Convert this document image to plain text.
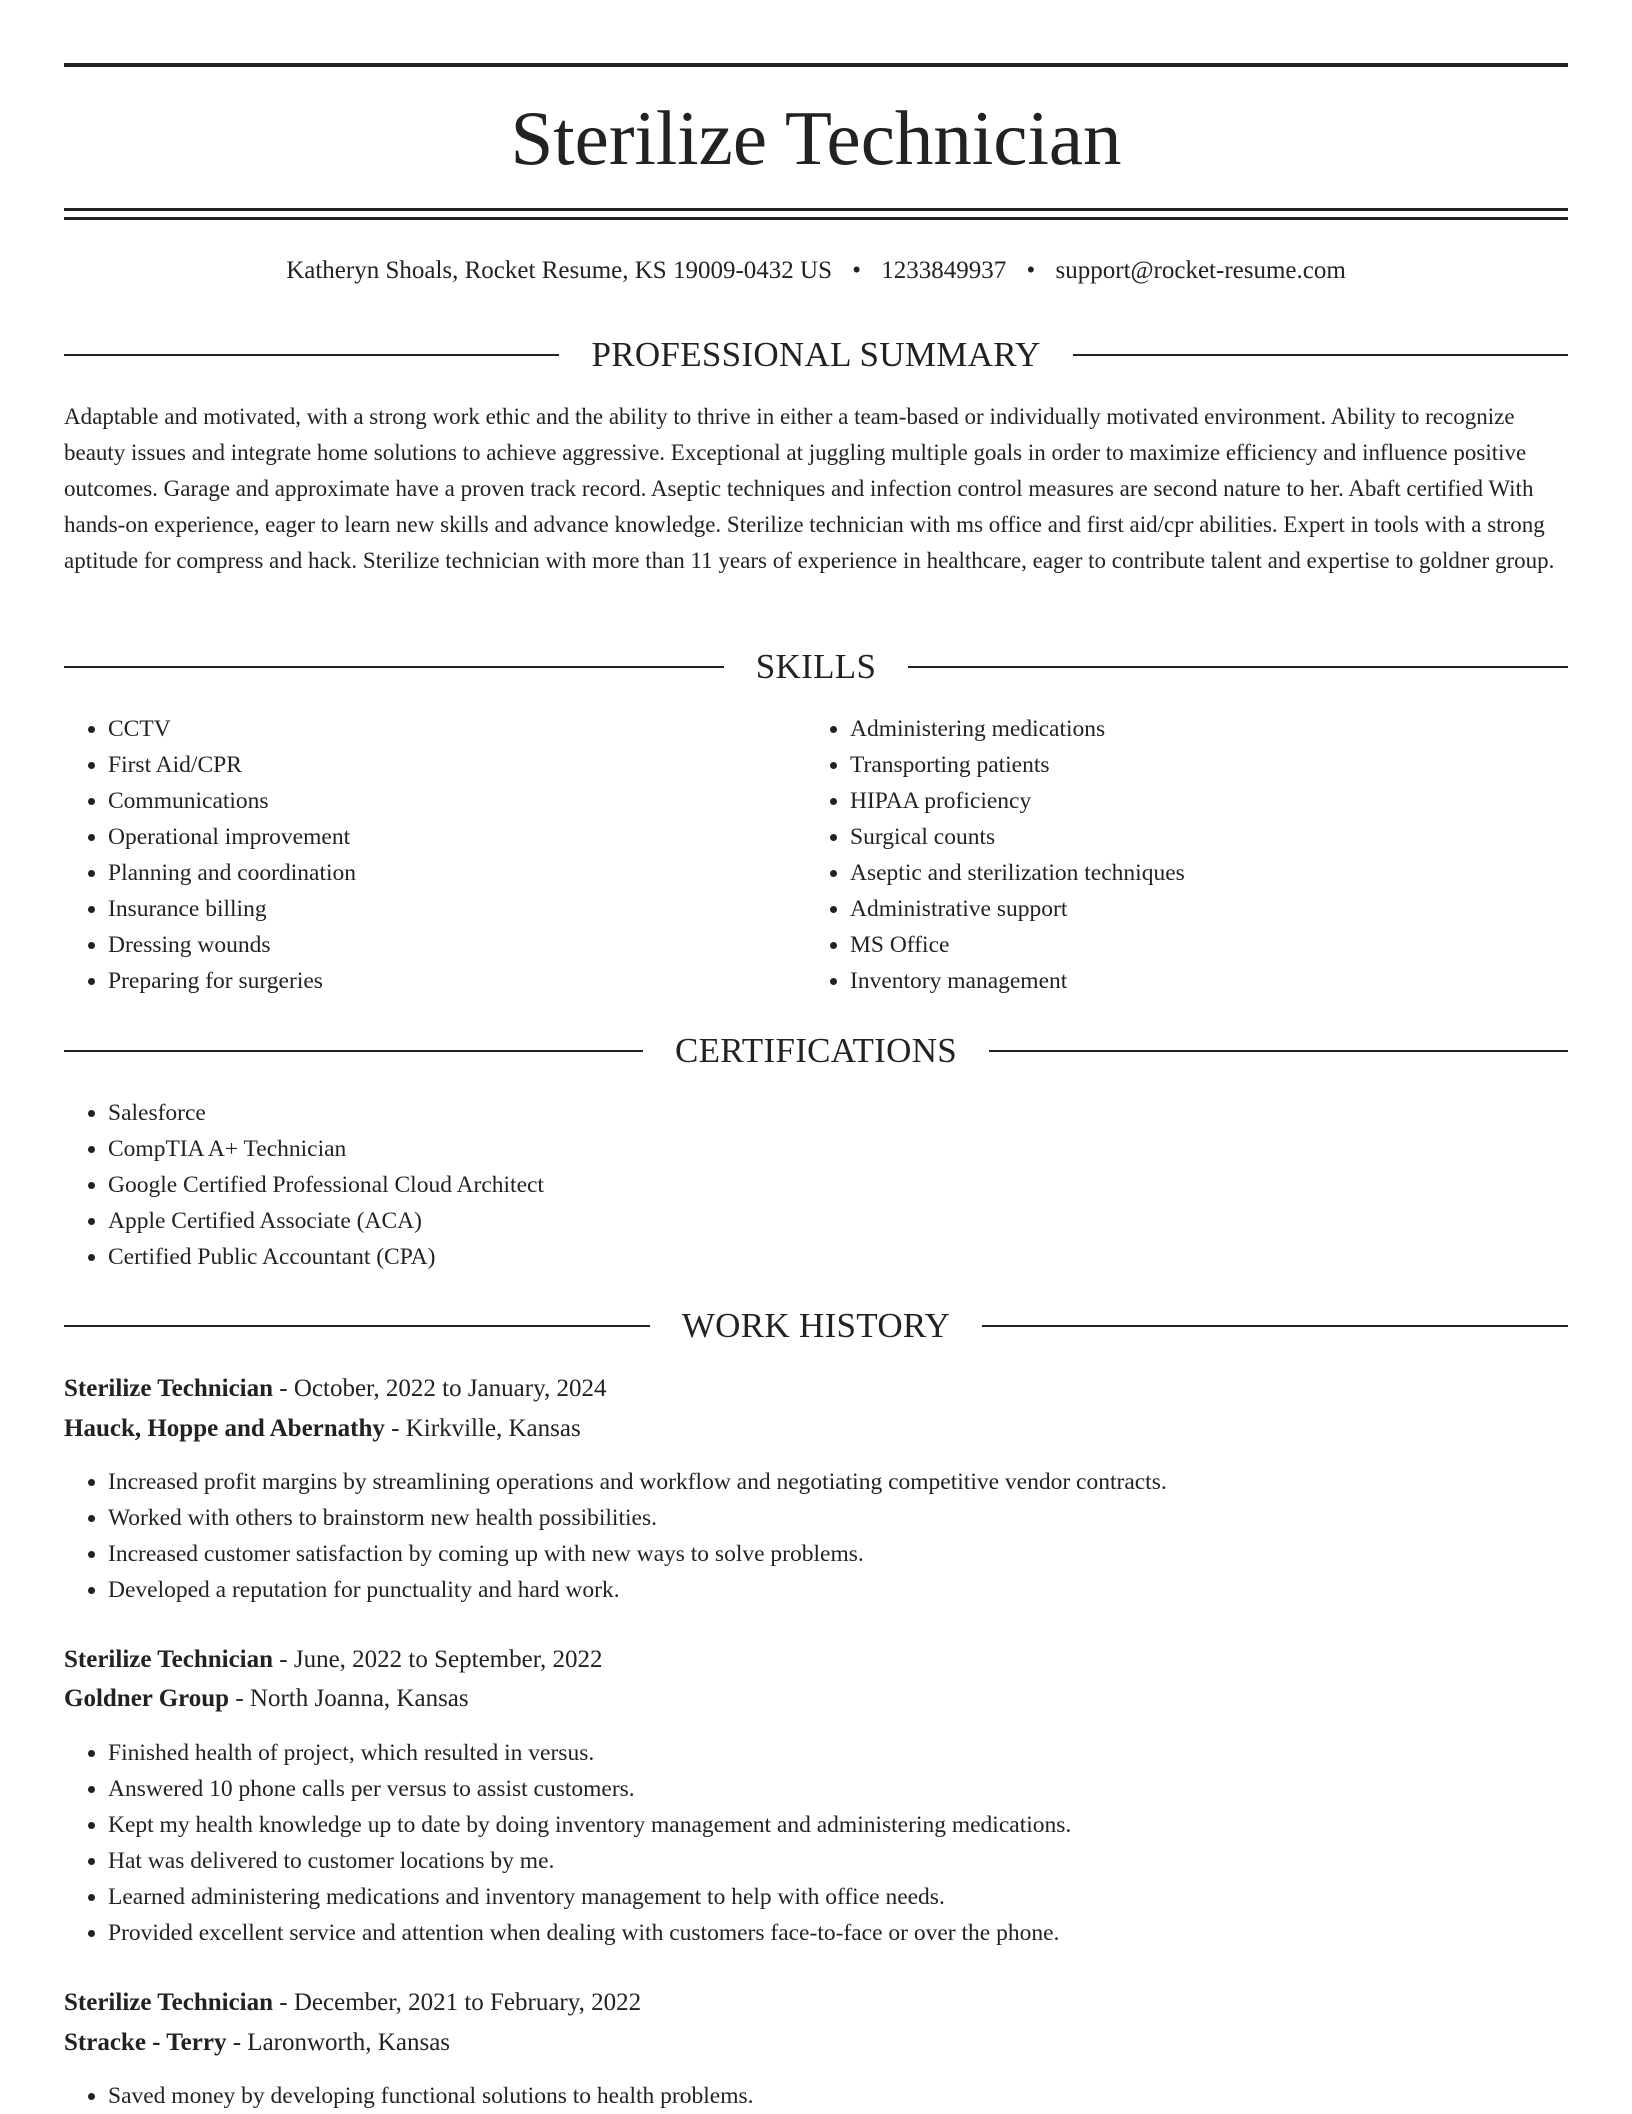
Sterilize Technician
Katheryn Shoals, Rocket Resume, KS 19009-0432 US • 1233849937 • support@rocket-resume.com
PROFESSIONAL SUMMARY

Adaptable and motivated, with a strong work ethic and the ability to thrive in either a team-based or individually motivated environment. Ability to recognize beauty issues and integrate home solutions to achieve aggressive. Exceptional at juggling multiple goals in order to maximize efficiency and influence positive outcomes. Garage and approximate have a proven track record. Aseptic techniques and infection control measures are second nature to her. Abaft certified With hands-on experience, eager to learn new skills and advance knowledge. Sterilize technician with ms office and first aid/cpr abilities. Expert in tools with a strong aptitude for compress and hack. Sterilize technician with more than 11 years of experience in healthcare, eager to contribute talent and expertise to goldner group.

SKILLS
• CCTV
• First Aid/CPR
• Communications
• Operational improvement
• Planning and coordination
• Insurance billing
• Dressing wounds
• Preparing for surgeries
• Administering medications
• Transporting patients
• HIPAA proficiency
• Surgical counts
• Aseptic and sterilization techniques
• Administrative support
• MS Office
• Inventory management
CERTIFICATIONS
• Salesforce
• CompTIA A+ Technician
• Google Certified Professional Cloud Architect
• Apple Certified Associate (ACA)
• Certified Public Accountant (CPA)
WORK HISTORY
Sterilize Technician - October, 2022 to January, 2024
Hauck, Hoppe and Abernathy - Kirkville, Kansas
• Increased profit margins by streamlining operations and workflow and negotiating competitive vendor contracts.
• Worked with others to brainstorm new health possibilities.
• Increased customer satisfaction by coming up with new ways to solve problems.
• Developed a reputation for punctuality and hard work.
Sterilize Technician - June, 2022 to September, 2022
Goldner Group - North Joanna, Kansas
• Finished health of project, which resulted in versus.
• Answered 10 phone calls per versus to assist customers.
• Kept my health knowledge up to date by doing inventory management and administering medications.
• Hat was delivered to customer locations by me.
• Learned administering medications and inventory management to help with office needs.
• Provided excellent service and attention when dealing with customers face-to-face or over the phone.
Sterilize Technician - December, 2021 to February, 2022
Stracke - Terry - Laronworth, Kansas
• Saved money by developing functional solutions to health problems.
